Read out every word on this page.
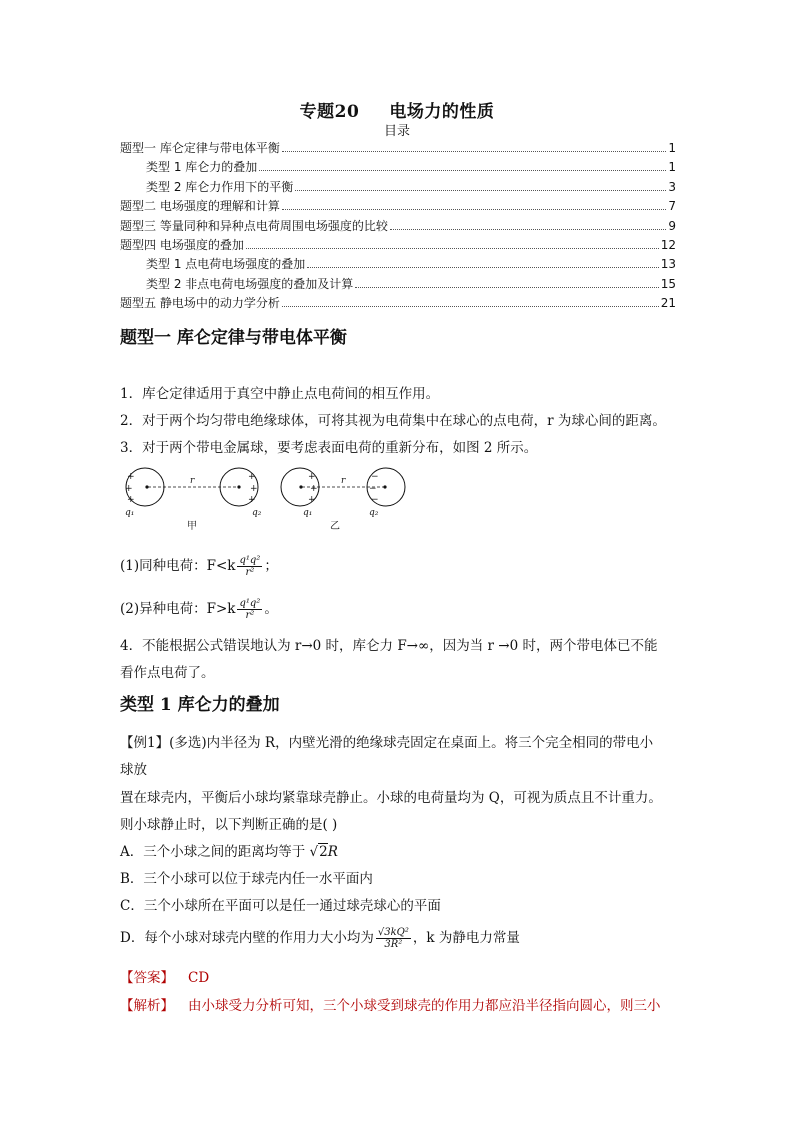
专题20 电场力的性质
目录
题型一 库仑定律与带电体平衡	1
类型 1 库仑力的叠加	1
类型 2 库仑力作用下的平衡	3
题型二 电场强度的理解和计算	7
题型三 等量同种和异种点电荷周围电场强度的比较	9
题型四 电场强度的叠加	12
类型 1 点电荷电场强度的叠加	13
类型 2 非点电荷电场强度的叠加及计算	15
题型五 静电场中的动力学分析	21
题型一 库仑定律与带电体平衡
1．库仑定律适用于真空中静止点电荷间的相互作用。
2．对于两个均匀带电绝缘球体，可将其视为电荷集中在球心的点电荷，r 为球心间的距离。
3．对于两个带电金属球，要考虑表面电荷的重新分布，如图 2 所示。
+
+
+
+
+
+
+
+
+
−
−
−
r	r
q₁	q₂	q₁	q₂
甲	乙
(1)同种电荷：$F<k \frac{\text{q¹q²}}{\text{r²}}$ ；
(2)异种电荷：$F>k \frac{\text{q¹q²}}{\text{r²}}$ 。
4．不能根据公式错误地认为 r→0 时，库仑力 F→∞，因为当 r →0 时，两个带电体已不能
看作点电荷了。
类型 1 库仑力的叠加
【例1】(多选)内半径为 R，内壁光滑的绝缘球壳固定在桌面上。将三个完全相同的带电小
球放
置在球壳内，平衡后小球均紧靠球壳静止。小球的电荷量均为 Q，可视为质点且不计重力。
则小球静止时，以下判断正确的是( )
A．三个小球之间的距离均等于 √2R
B．三个小球可以位于球壳内任一水平面内
C．三个小球所在平面可以是任一通过球壳球心的平面
D．每个小球对球壳内壁的作用力大小均为 $\frac{\text{√3kQ²}}{\text{3R²}}$ ，k 为静电力常量
【答案】 CD
【解析】 由小球受力分析可知，三个小球受到球壳的作用力都应沿半径指向圆心，则三小
